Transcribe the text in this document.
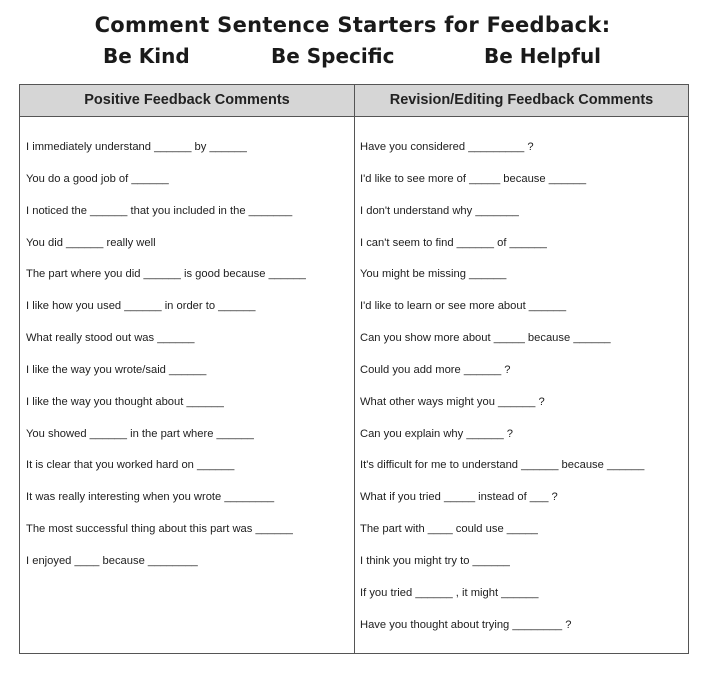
Comment Sentence Starters for Feedback:
Be Kind	Be Specific	Be Helpful
Positive Feedback Comments	Revision/Editing Feedback Comments
I immediately understand ______ by ______
You do a good job of ______
I noticed the ______ that you included in the _______
You did ______ really well
The part where you did ______ is good because ______
I like how you used ______ in order to ______
What really stood out was ______
I like the way you wrote/said ______
I like the way you thought about ______
You showed ______ in the part where ______
It is clear that you worked hard on ______
It was really interesting when you wrote ________
The most successful thing about this part was ______
I enjoyed ____ because ________
Have you considered _________ ?
I'd like to see more of _____ because ______
I don't understand why _______
I can't seem to find ______ of ______
You might be missing ______
I'd like to learn or see more about ______
Can you show more about _____ because ______
Could you add more ______ ?
What other ways might you ______ ?
Can you explain why ______ ?
It's difficult for me to understand ______ because ______
What if you tried _____ instead of ___ ?
The part with ____ could use _____
I think you might try to ______
If you tried ______ , it might ______
Have you thought about trying ________ ?
